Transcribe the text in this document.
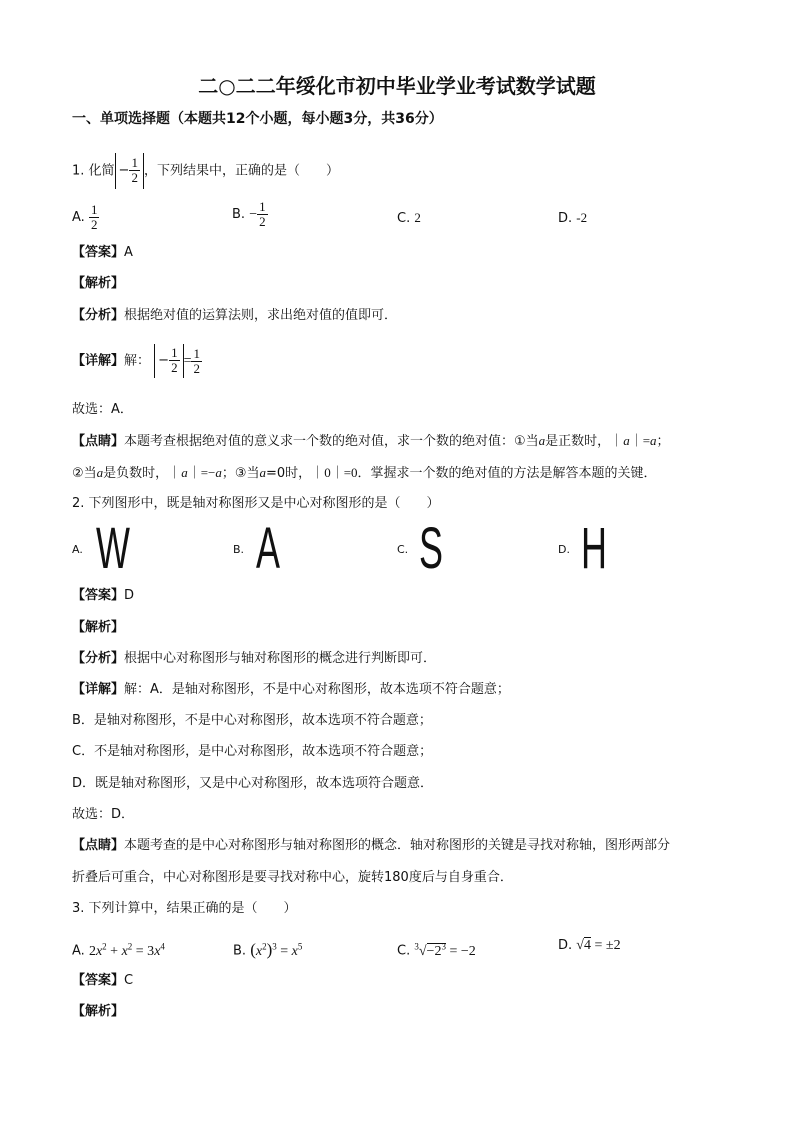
二○二二年绥化市初中毕业学业考试数学试题
一、单项选择题（本题共12个小题，每小题3分，共36分）
1. 化简 − $\frac{1}{2}$ ，下列结果中，正确的是（　　）
A. $\frac{1}{2}$	B. − $\frac{1}{2}$	C. 2	D. -2
【答案】A
【解析】
【分析】根据绝对值的运算法则，求出绝对值的值即可．
【详解】解： − $\frac{1}{2} = \frac{1}{2}$
故选：A．
【点睛】本题考查根据绝对值的意义求一个数的绝对值，求一个数的绝对值：①当a是正数时，｜a｜=a；
②当a是负数时，｜a｜=−a；③当a=0时，｜0｜=0．掌握求一个数的绝对值的方法是解答本题的关键．
2. 下列图形中，既是轴对称图形又是中心对称图形的是（　　）
A. W	B. A	C. S	D. H
【答案】D
【解析】
【分析】根据中心对称图形与轴对称图形的概念进行判断即可．
【详解】解：A．是轴对称图形，不是中心对称图形，故本选项不符合题意；
B．是轴对称图形，不是中心对称图形，故本选项不符合题意；
C．不是轴对称图形，是中心对称图形，故本选项不符合题意；
D．既是轴对称图形，又是中心对称图形，故本选项符合题意．
故选：D．
【点睛】本题考查的是中心对称图形与轴对称图形的概念．轴对称图形的关键是寻找对称轴，图形两部分
折叠后可重合，中心对称图形是要寻找对称中心，旋转180度后与自身重合．
3. 下列计算中，结果正确的是（　　）
A. $2x^2 + x^2 = 3x^4$	B. $(x^2)^3 = x^5$	C. $^3√-2^3 = -2$	D. √4 = ±2
【答案】C
【解析】
